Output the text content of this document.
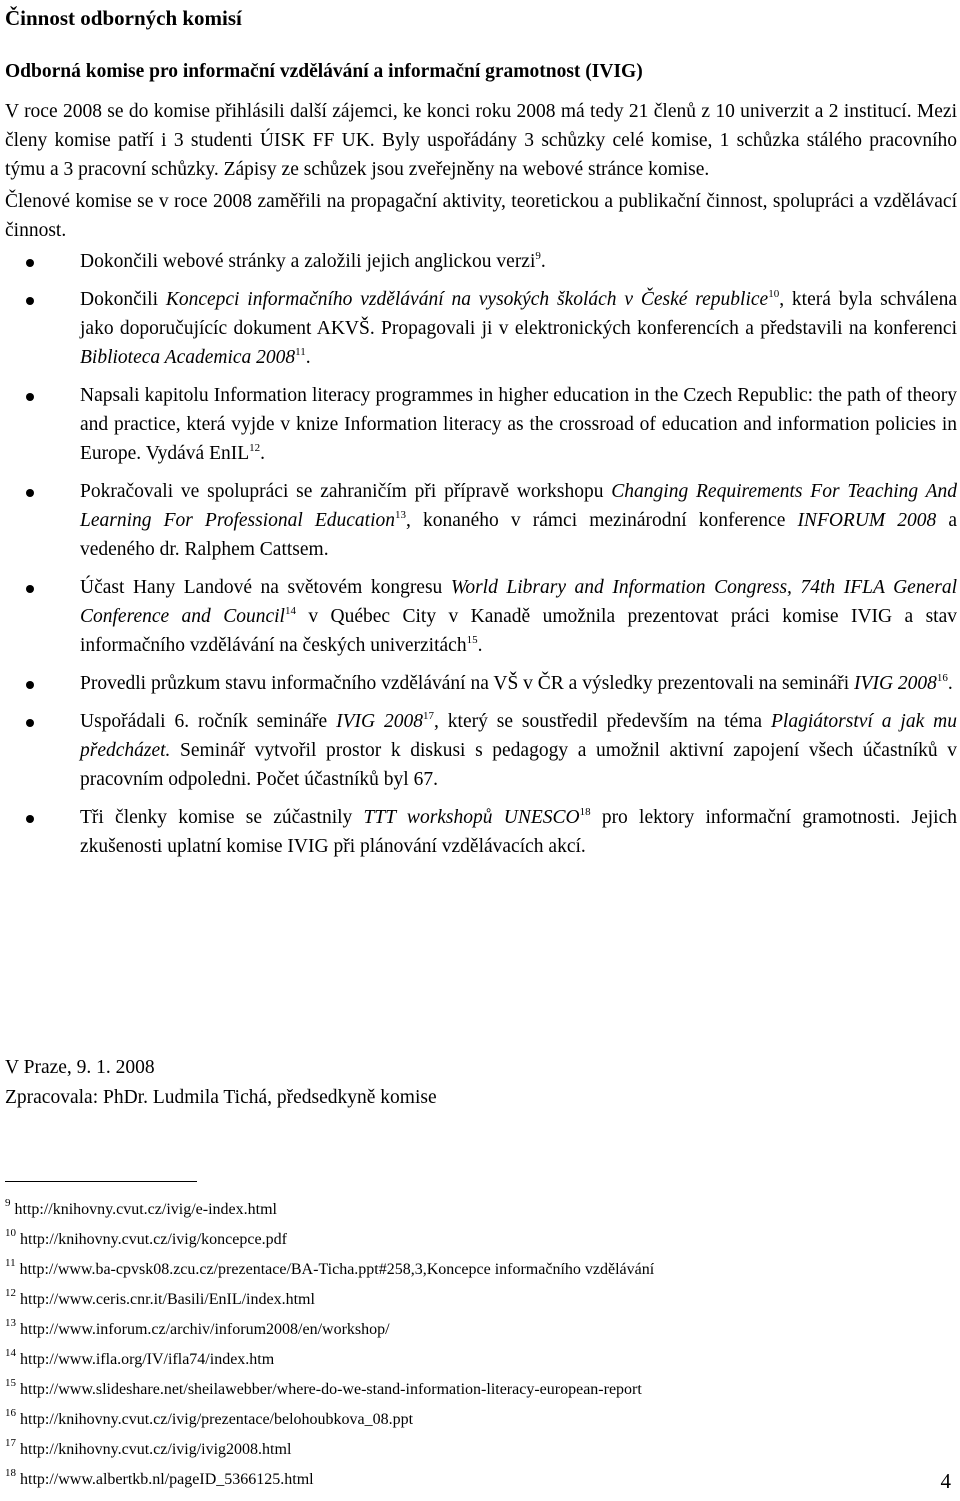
Činnost odborných komisí
Odborná komise pro informační vzdělávání a informační gramotnost (IVIG)

V roce 2008 se do komise přihlásili další zájemci, ke konci roku 2008 má tedy 21 členů z 10 univerzit a 2 institucí. Mezi členy komise patří i 3 studenti ÚISK FF UK. Byly uspořádány 3 schůzky celé komise, 1 schůzka stálého pracovního týmu a 3 pracovní schůzky. Zápisy ze schůzek jsou zveřejněny na webové stránce komise.

Členové komise se v roce 2008 zaměřili na propagační aktivity, teoretickou a publikační činnost, spolupráci a vzdělávací činnost.

Dokončili webové stránky a založili jejich anglickou verzi$^9$.
Dokončili Koncepci informačního vzdělávání na vysokých školách v České republice$^{10}$, která byla schválena jako doporučujícíc dokument AKVŠ. Propagovali ji v elektronických konferencích a představili na konferenci Biblioteca Academica 2008$^{11}$.
Napsali kapitolu Information literacy programmes in higher education in the Czech Republic: the path of theory and practice, která vyjde v knize Information literacy as the crossroad of education and information policies in Europe. Vydává EnIL$^{12}$.
Pokračovali ve spolupráci se zahraničím při přípravě workshopu Changing Requirements For Teaching And Learning For Professional Education$^{13}$, konaného v rámci mezinárodní konference INFORUM 2008 a vedeného dr. Ralphem Cattsem.
Účast Hany Landové na světovém kongresu World Library and Information Congress, 74th IFLA General Conference and Council$^{14}$ v Québec City v Kanadě umožnila prezentovat práci komise IVIG a stav informačního vzdělávání na českých univerzitách$^{15}$.
Provedli průzkum stavu informačního vzdělávání na VŠ v ČR a výsledky prezentovali na semináři IVIG 2008$^{16}$.
Uspořádali 6. ročník semináře IVIG 2008$^{17}$, který se soustředil především na téma Plagiátorství a jak mu předcházet. Seminář vytvořil prostor k diskusi s pedagogy a umožnil aktivní zapojení všech účastníků v pracovním odpoledni. Počet účastníků byl 67.
Tři členky komise se zúčastnily TTT workshopů UNESCO$^{18}$ pro lektory informační gramotnosti. Jejich zkušenosti uplatní komise IVIG při plánování vzdělávacích akcí.
V Praze, 9. 1. 2008
Zpracovala: PhDr. Ludmila Tichá, předsedkyně komise
$^9$ http://knihovny.cvut.cz/ivig/e-index.html
$^{10}$ http://knihovny.cvut.cz/ivig/koncepce.pdf
$^{11}$ http://www.ba-cpvsk08.zcu.cz/prezentace/BA-Ticha.ppt#258,3,Koncepce informačního vzdělávání
$^{12}$ http://www.ceris.cnr.it/Basili/EnIL/index.html
$^{13}$ http://www.inforum.cz/archiv/inforum2008/en/workshop/
$^{14}$ http://www.ifla.org/IV/ifla74/index.htm
$^{15}$ http://www.slideshare.net/sheilawebber/where-do-we-stand-information-literacy-european-report
$^{16}$ http://knihovny.cvut.cz/ivig/prezentace/belohoubkova_08.ppt
$^{17}$ http://knihovny.cvut.cz/ivig/ivig2008.html
$^{18}$ http://www.albertkb.nl/pageID_5366125.html	4
